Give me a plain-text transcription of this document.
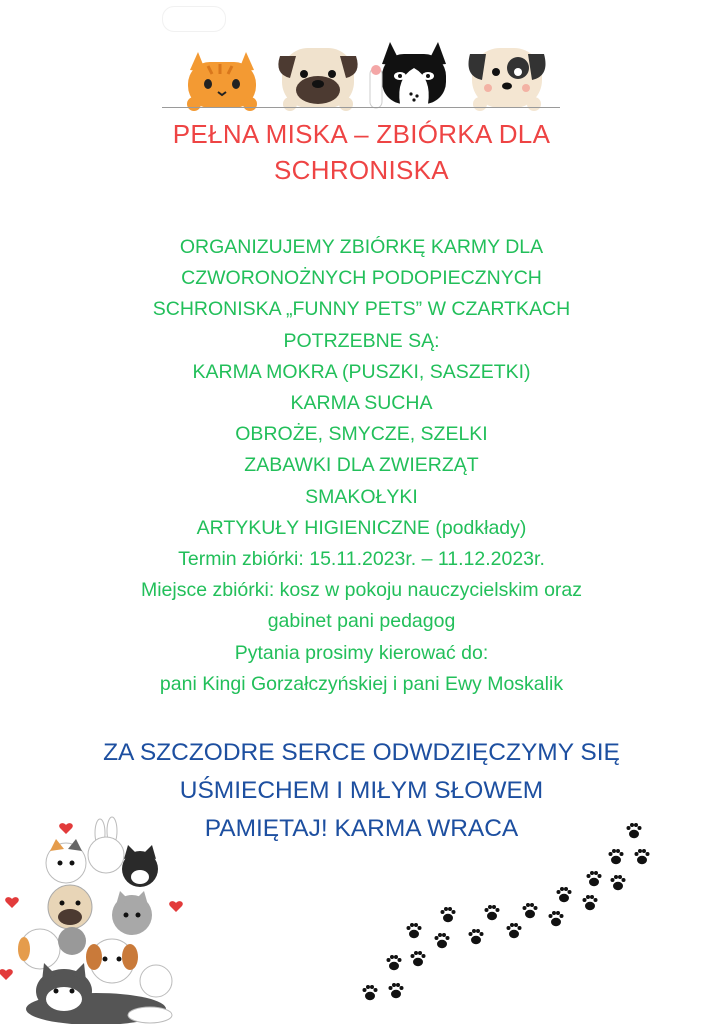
PEŁNA MISKA – ZBIÓRKA DLA
SCHRONISKA
ORGANIZUJEMY ZBIÓRKĘ KARMY DLA
CZWORONOŻNYCH PODOPIECZNYCH
SCHRONISKA „FUNNY PETS” W CZARTKACH
POTRZEBNE SĄ:
KARMA MOKRA (PUSZKI, SASZETKI)
KARMA SUCHA
OBROŻE, SMYCZE, SZELKI
ZABAWKI DLA ZWIERZĄT
SMAKOŁYKI
ARTYKUŁY HIGIENICZNE (podkłady)
Termin zbiórki: 15.11.2023r. – 11.12.2023r.
Miejsce zbiórki: kosz w pokoju nauczycielskim oraz
gabinet pani pedagog
Pytania prosimy kierować do:
pani Kingi Gorzałczyńskiej i pani Ewy Moskalik
ZA SZCZODRE SERCE ODWDZIĘCZYMY SIĘ
UŚMIECHEM I MIŁYM SŁOWEM
PAMIĘTAJ! KARMA WRACA
